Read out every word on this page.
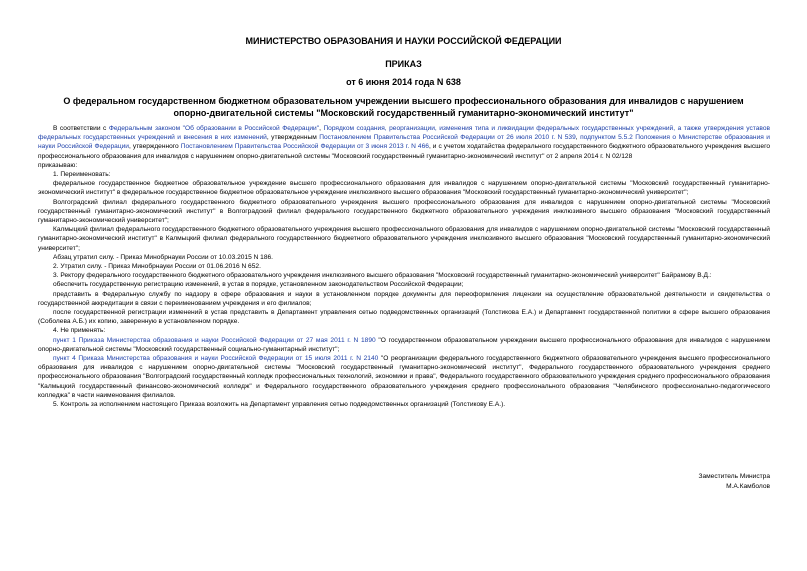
МИНИСТЕРСТВО ОБРАЗОВАНИЯ И НАУКИ РОССИЙСКОЙ ФЕДЕРАЦИИ
ПРИКАЗ
от 6 июня 2014 года N 638
О федеральном государственном бюджетном образовательном учреждении высшего профессионального образования для инвалидов с нарушением опорно-двигательной системы "Московский государственный гуманитарно-экономический институт"

В соответствии с Федеральным законом "Об образовании в Российской Федерации", Порядком создания, реорганизации, изменения типа и ликвидации федеральных государственных учреждений, а также утверждения уставов федеральных государственных учреждений и внесения в них изменений, утвержденным Постановлением Правительства Российской Федерации от 26 июля 2010 г. N 539, подпунктом 5.5.2 Положения о Министерстве образования и науки Российской Федерации, утвержденного Постановлением Правительства Российской Федерации от 3 июня 2013 г. N 466, и с учетом ходатайства федерального государственного бюджетного образовательного учреждения высшего профессионального образования для инвалидов с нарушением опорно-двигательной системы "Московский государственный гуманитарно-экономический институт" от 2 апреля 2014 г. N 02/128

приказываю:

1. Переименовать:

федеральное государственное бюджетное образовательное учреждение высшего профессионального образования для инвалидов с нарушением опорно-двигательной системы "Московский государственный гуманитарно-экономический институт" в федеральное государственное бюджетное образовательное учреждение инклюзивного высшего образования "Московский государственный гуманитарно-экономический университет";

Волгоградский филиал федерального государственного бюджетного образовательного учреждения высшего профессионального образования для инвалидов с нарушением опорно-двигательной системы "Московский государственный гуманитарно-экономический институт" в Волгоградский филиал федерального государственного бюджетного образовательного учреждения инклюзивного высшего образования "Московский государственный гуманитарно-экономический университет";

Калмыцкий филиал федерального государственного бюджетного образовательного учреждения высшего профессионального образования для инвалидов с нарушением опорно-двигательной системы "Московский государственный гуманитарно-экономический институт" в Калмыцкий филиал федерального государственного бюджетного образовательного учреждения инклюзивного высшего образования "Московский государственный гуманитарно-экономический университет";

Абзац утратил силу. - Приказ Минобрнауки России от 10.03.2015 N 186.

2. Утратил силу. - Приказ Минобрнауки России от 01.06.2016 N 652.

3. Ректору федерального государственного бюджетного образовательного учреждения инклюзивного высшего образования "Московский государственный гуманитарно-экономический университет" Байрамову В.Д.:

обеспечить государственную регистрацию изменений, в устав в порядке, установленном законодательством Российской Федерации;

представить в Федеральную службу по надзору в сфере образования и науки в установленном порядке документы для переоформления лицензии на осуществление образовательной деятельности и свидетельства о государственной аккредитации в связи с переименованием учреждения и его филиалов;

после государственной регистрации изменений в устав представить в Департамент управления сетью подведомственных организаций (Толстикова Е.А.) и Департамент государственной политики в сфере высшего образования (Соболева А.Б.) их копию, заверенную в установленном порядке.

4. Не применять:

пункт 1 Приказа Министерства образования и науки Российской Федерации от 27 мая 2011 г. N 1890 "О государственном образовательном учреждении высшего профессионального образования для инвалидов с нарушением опорно-двигательной системы "Московский государственный социально-гуманитарный институт";

пункт 4 Приказа Министерства образования и науки Российской Федерации от 15 июля 2011 г. N 2140 "О реорганизации федерального государственного бюджетного образовательного учреждения высшего профессионального образования для инвалидов с нарушением опорно-двигательной системы "Московский государственный гуманитарно-экономический институт", Федерального государственного образовательного учреждения среднего профессионального образования "Волгоградский государственный колледж профессиональных технологий, экономики и права", Федерального государственного образовательного учреждения среднего профессионального образования "Калмыцкий государственный финансово-экономический колледж" и Федерального государственного образовательного учреждения среднего профессионального образования "Челябинского профессионально-педагогического колледжа" в части наименования филиалов.

5. Контроль за исполнением настоящего Приказа возложить на Департамент управления сетью подведомственных организаций (Толстикову Е.А.).

Заместитель Министра
М.А.Камболов
